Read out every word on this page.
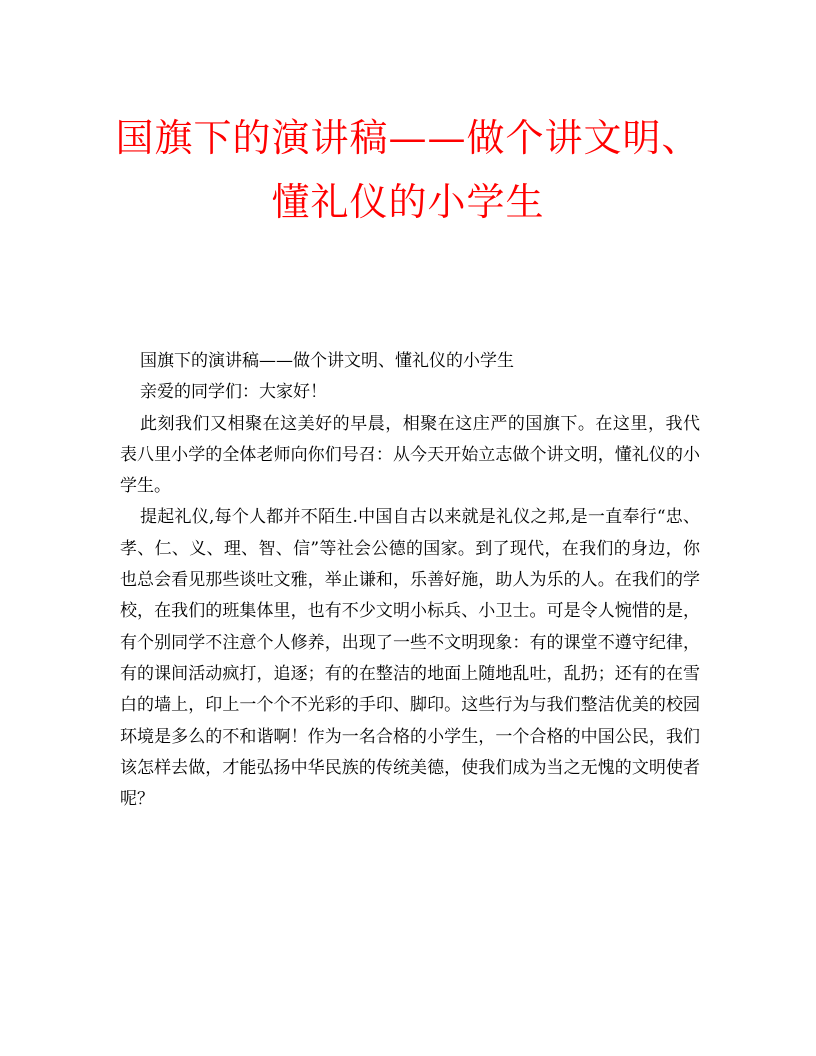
国旗下的演讲稿——做个讲文明、懂礼仪的小学生

国旗下的演讲稿——做个讲文明、懂礼仪的小学生

亲爱的同学们：大家好！

此刻我们又相聚在这美好的早晨，相聚在这庄严的国旗下。在这里，我代表八里小学的全体老师向你们号召：从今天开始立志做个讲文明，懂礼仪的小学生。

提起礼仪,每个人都并不陌生.中国自古以来就是礼仪之邦,是一直奉行“忠、孝、仁、义、理、智、信”等社会公德的国家。到了现代，在我们的身边，你也总会看见那些谈吐文雅，举止谦和，乐善好施，助人为乐的人。在我们的学校，在我们的班集体里，也有不少文明小标兵、小卫士。可是令人惋惜的是，有个别同学不注意个人修养，出现了一些不文明现象：有的课堂不遵守纪律，有的课间活动疯打，追逐；有的在整洁的地面上随地乱吐，乱扔；还有的在雪白的墙上，印上一个个不光彩的手印、脚印。这些行为与我们整洁优美的校园环境是多么的不和谐啊！作为一名合格的小学生，一个合格的中国公民，我们该怎样去做，才能弘扬中华民族的传统美德，使我们成为当之无愧的文明使者呢？
